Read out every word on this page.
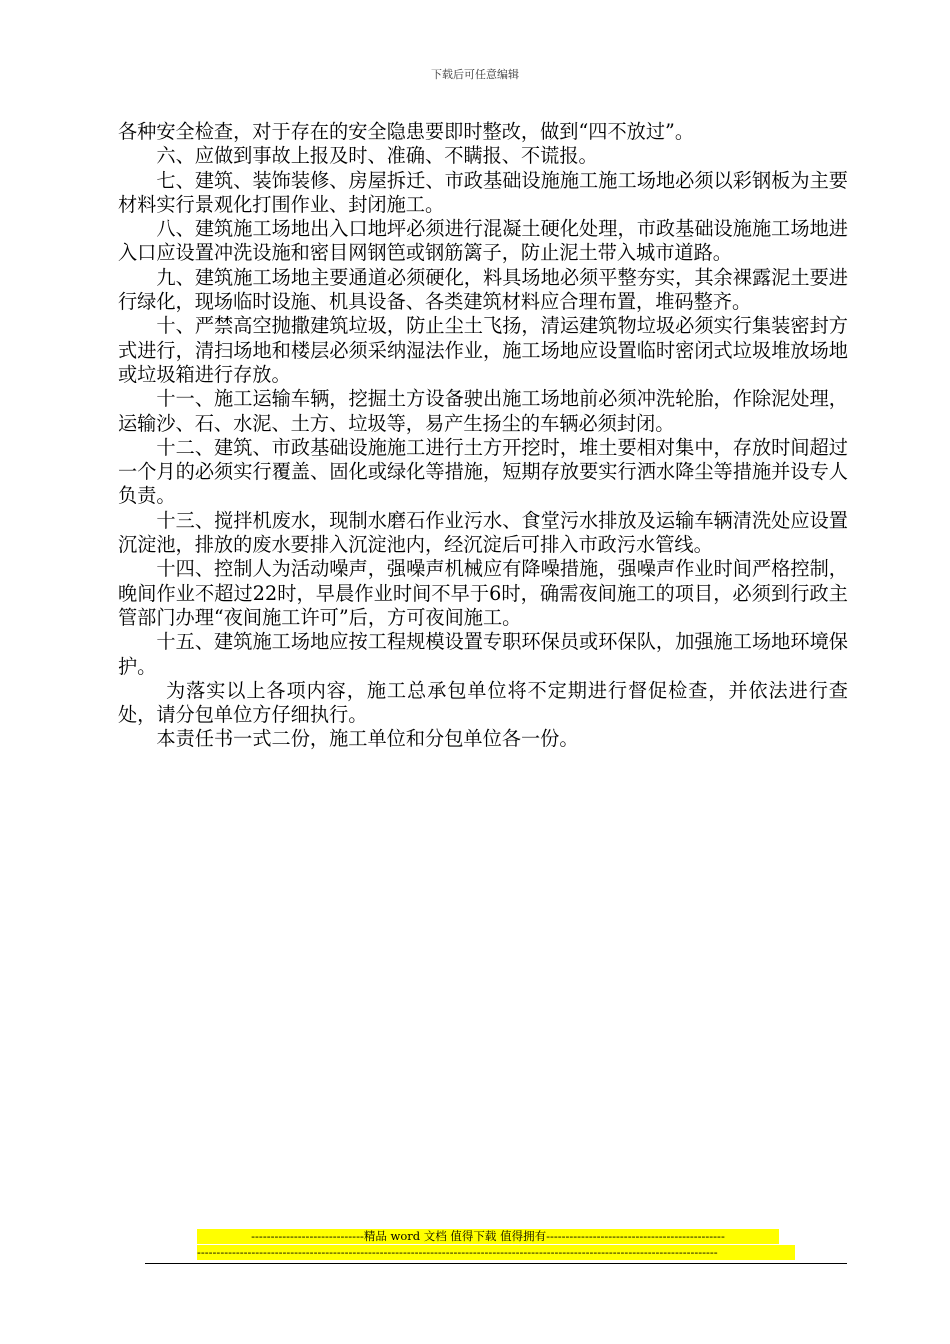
下载后可任意编辑

各种安全检查，对于存在的安全隐患要即时整改，做到“四不放过”。

六、应做到事故上报及时、准确、不瞒报、不谎报。

七、建筑、装饰装修、房屋拆迁、市政基础设施施工施工场地必须以彩钢板为主要材料实行景观化打围作业、封闭施工。

八、建筑施工场地出入口地坪必须进行混凝土硬化处理，市政基础设施施工场地进入口应设置冲洗设施和密目网钢笆或钢筋篱子，防止泥土带入城市道路。

九、建筑施工场地主要通道必须硬化，料具场地必须平整夯实，其余裸露泥土要进行绿化，现场临时设施、机具设备、各类建筑材料应合理布置，堆码整齐。

十、严禁高空抛撒建筑垃圾，防止尘土飞扬，清运建筑物垃圾必须实行集装密封方式进行，清扫场地和楼层必须采纳湿法作业，施工场地应设置临时密闭式垃圾堆放场地或垃圾箱进行存放。

十一、施工运输车辆，挖掘土方设备驶出施工场地前必须冲洗轮胎，作除泥处理，运输沙、石、水泥、土方、垃圾等，易产生扬尘的车辆必须封闭。

十二、建筑、市政基础设施施工进行土方开挖时，堆土要相对集中，存放时间超过一个月的必须实行覆盖、固化或绿化等措施，短期存放要实行洒水降尘等措施并设专人负责。

十三、搅拌机废水，现制水磨石作业污水、食堂污水排放及运输车辆清洗处应设置沉淀池，排放的废水要排入沉淀池内，经沉淀后可排入市政污水管线。

十四、控制人为活动噪声，强噪声机械应有降噪措施，强噪声作业时间严格控制，晚间作业不超过22时，早晨作业时间不早于6时，确需夜间施工的项目，必须到行政主管部门办理“夜间施工许可”后，方可夜间施工。

十五、建筑施工场地应按工程规模设置专职环保员或环保队，加强施工场地环境保护。

为落实以上各项内容，施工总承包单位将不定期进行督促检查，并依法进行查处，请分包单位方仔细执行。

本责任书一式二份，施工单位和分包单位各一份。

-----------------------------精品 word 文档 值得下载 值得拥有----------------------------------------------
--------------------------------------------------------------------------------------------------------------------------------------
